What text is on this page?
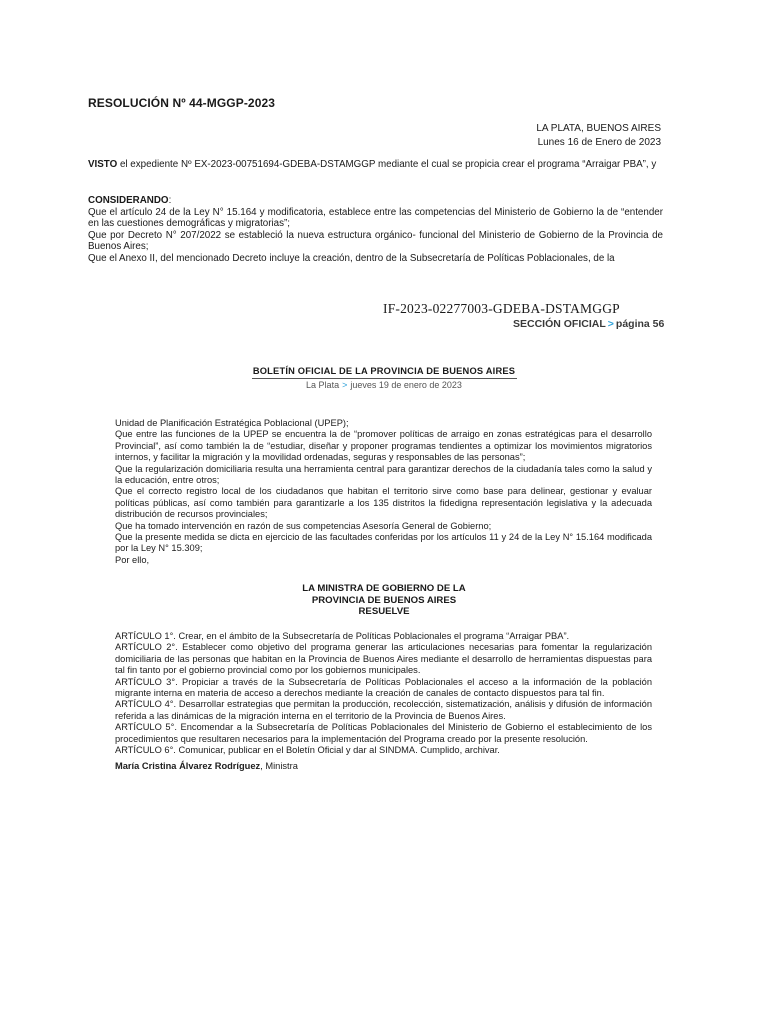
RESOLUCIÓN Nº 44-MGGP-2023
LA PLATA, BUENOS AIRES
Lunes 16 de Enero de 2023
VISTO el expediente Nº EX-2023-00751694-GDEBA-DSTAMGGP mediante el cual se propicia crear el programa “Arraigar PBA”, y
CONSIDERANDO:

Que el artículo 24 de la Ley N° 15.164 y modificatoria, establece entre las competencias del Ministerio de Gobierno la de “entender en las cuestiones demográficas y migratorias”;

Que por Decreto N° 207/2022 se estableció la nueva estructura orgánico- funcional del Ministerio de Gobierno de la Provincia de Buenos Aires;

Que el Anexo II, del mencionado Decreto incluye la creación, dentro de la Subsecretaría de Políticas Poblacionales, de la

IF-2023-02277003-GDEBA-DSTAMGGP
SECCIÓN OFICIAL > página 56
BOLETÍN OFICIAL DE LA PROVINCIA DE BUENOS AIRES
La Plata > jueves 19 de enero de 2023

Unidad de Planificación Estratégica Poblacional (UPEP);

Que entre las funciones de la UPEP se encuentra la de “promover políticas de arraigo en zonas estratégicas para el desarrollo Provincial”, así como también la de “estudiar, diseñar y proponer programas tendientes a optimizar los movimientos migratorios internos, y facilitar la migración y la movilidad ordenadas, seguras y responsables de las personas”;

Que la regularización domiciliaria resulta una herramienta central para garantizar derechos de la ciudadanía tales como la salud y la educación, entre otros;

Que el correcto registro local de los ciudadanos que habitan el territorio sirve como base para delinear, gestionar y evaluar políticas públicas, así como también para garantizarle a los 135 distritos la fidedigna representación legislativa y la adecuada distribución de recursos provinciales;

Que ha tomado intervención en razón de sus competencias Asesoría General de Gobierno;

Que la presente medida se dicta en ejercicio de las facultades conferidas por los artículos 11 y 24 de la Ley N° 15.164 modificada por la Ley N° 15.309;

Por ello,

LA MINISTRA DE GOBIERNO DE LA
PROVINCIA DE BUENOS AIRES
RESUELVE

ARTÍCULO 1°. Crear, en el ámbito de la Subsecretaría de Políticas Poblacionales el programa “Arraigar PBA”.

ARTÍCULO 2°. Establecer como objetivo del programa generar las articulaciones necesarias para fomentar la regularización domiciliaria de las personas que habitan en la Provincia de Buenos Aires mediante el desarrollo de herramientas dispuestas para tal fin tanto por el gobierno provincial como por los gobiernos municipales.

ARTÍCULO 3°. Propiciar a través de la Subsecretaría de Políticas Poblacionales el acceso a la información de la población migrante interna en materia de acceso a derechos mediante la creación de canales de contacto dispuestos para tal fin.

ARTÍCULO 4°. Desarrollar estrategias que permitan la producción, recolección, sistematización, análisis y difusión de información referida a las dinámicas de la migración interna en el territorio de la Provincia de Buenos Aires.

ARTÍCULO 5°. Encomendar a la Subsecretaría de Políticas Poblacionales del Ministerio de Gobierno el establecimiento de los procedimientos que resultaren necesarios para la implementación del Programa creado por la presente resolución.

ARTÍCULO 6°. Comunicar, publicar en el Boletín Oficial y dar al SINDMA. Cumplido, archivar.

María Cristina Álvarez Rodríguez, Ministra
